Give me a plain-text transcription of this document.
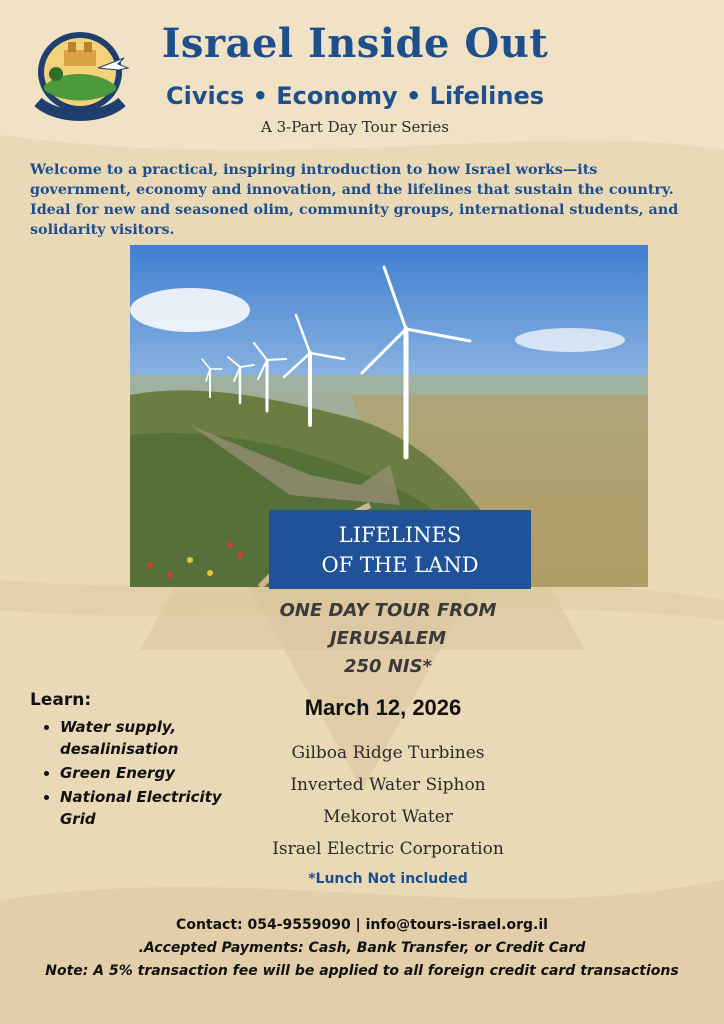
Israel Inside Out
Civics • Economy • Lifelines
A 3-Part Day Tour Series
Welcome to a practical, inspiring introduction to how Israel works—its government, economy and innovation, and the lifelines that sustain the country. Ideal for new and seasoned olim, community groups, international students, and solidarity visitors.
LIFELINES
OF THE LAND
ONE DAY TOUR FROM
JERUSALEM
250 NIS*
March 12, 2026
Gilboa Ridge Turbines
Inverted Water Siphon
Mekorot Water
Israel Electric Corporation
*Lunch Not included
Learn:
• Water supply, desalinisation
• Green Energy
• National Electricity Grid
Contact: 054-9559090 | info@tours-israel.org.il
.Accepted Payments: Cash, Bank Transfer, or Credit Card
Note: A 5% transaction fee will be applied to all foreign credit card transactions
